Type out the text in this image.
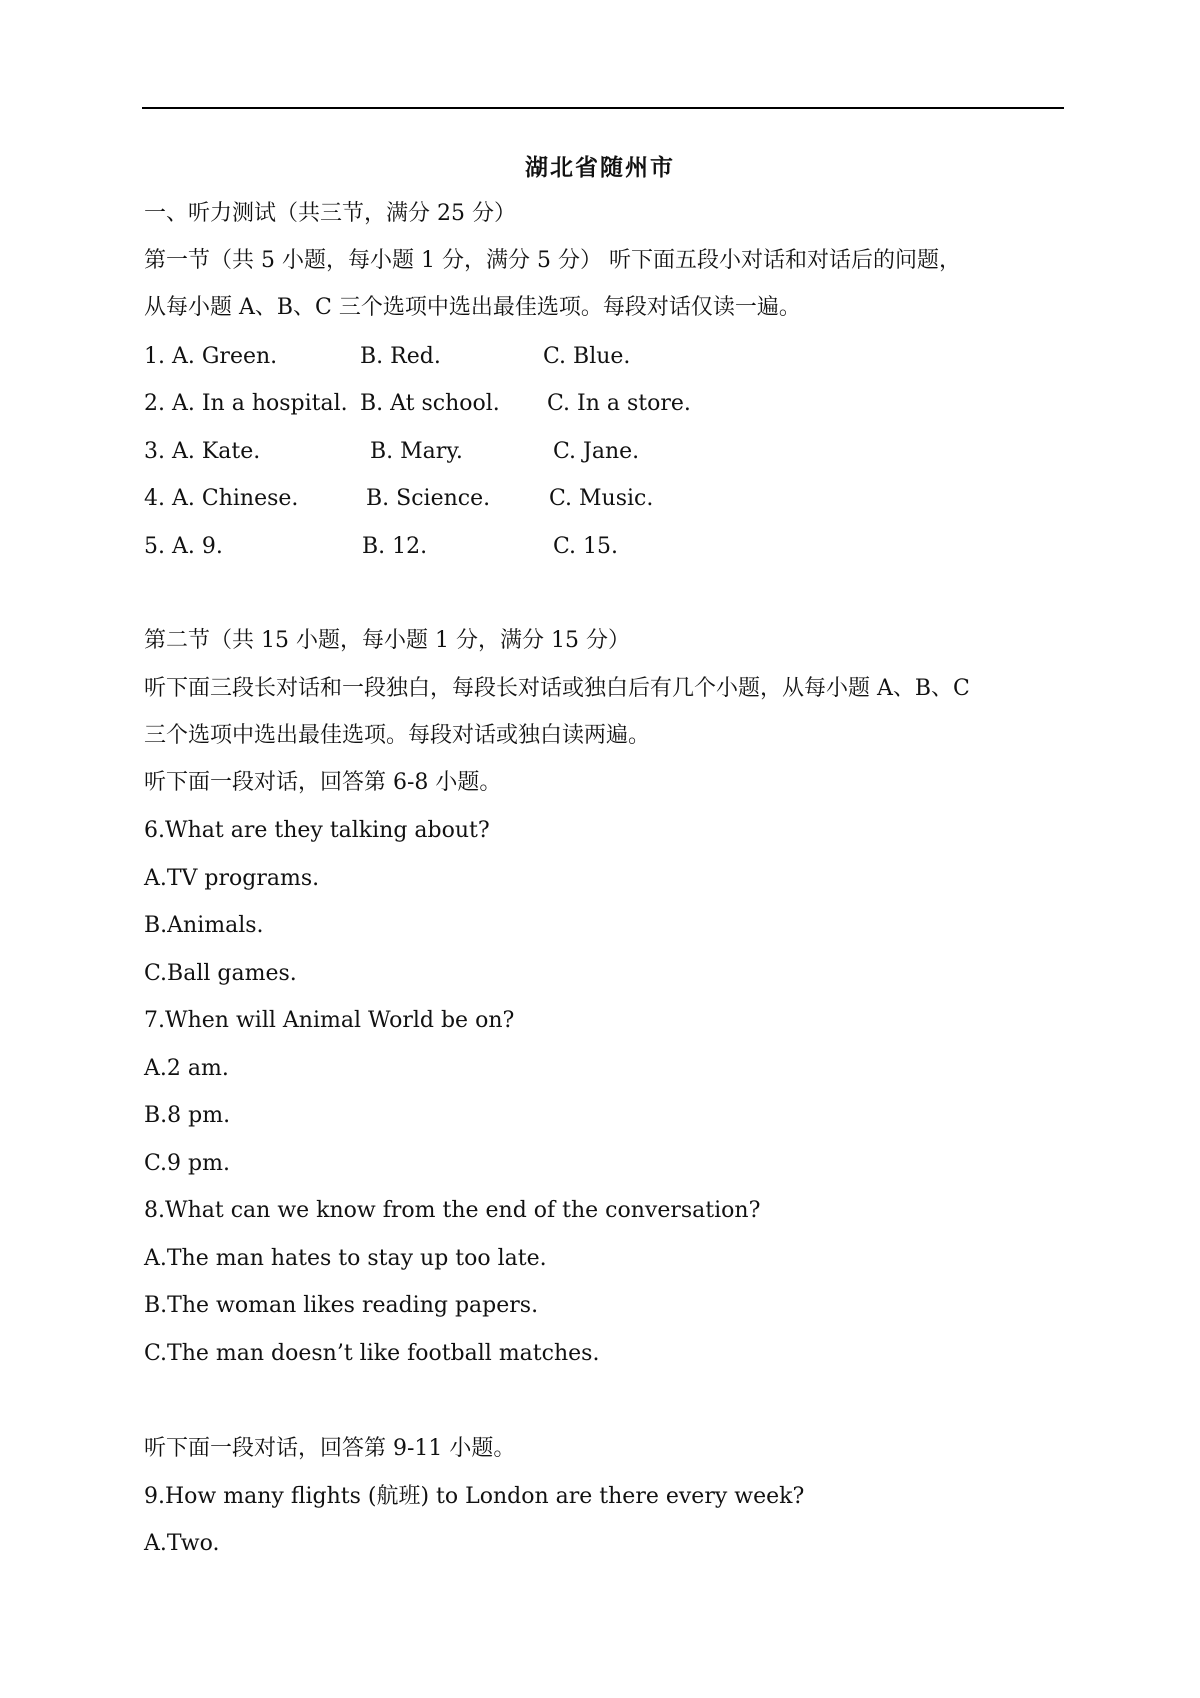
湖北省随州市
一、听力测试（共三节，满分 25 分）
第一节（共 5 小题，每小题 1 分，满分 5 分） 听下面五段小对话和对话后的问题，
从每小题 A、B、C 三个选项中选出最佳选项。每段对话仅读一遍。
1. A. Green.	B. Red.	C. Blue.
2. A. In a hospital. B. At school. C. In a store.
3. A. Kate.	B. Mary.	C. Jane.
4. A. Chinese.	B. Science.	C. Music.
5. A. 9.	B. 12.	C. 15.
第二节（共 15 小题，每小题 1 分，满分 15 分）
听下面三段长对话和一段独白，每段长对话或独白后有几个小题，从每小题 A、B、C
三个选项中选出最佳选项。每段对话或独白读两遍。
听下面一段对话，回答第 6-8 小题。
6.What are they talking about?
A.TV programs.
B.Animals.
C.Ball games.
7.When will Animal World be on?
A.2 am.
B.8 pm.
C.9 pm.
8.What can we know from the end of the conversation?
A.The man hates to stay up too late.
B.The woman likes reading papers.
C.The man doesn’t like football matches.
听下面一段对话，回答第 9-11 小题。
9.How many flights (航班) to London are there every week?
A.Two.
